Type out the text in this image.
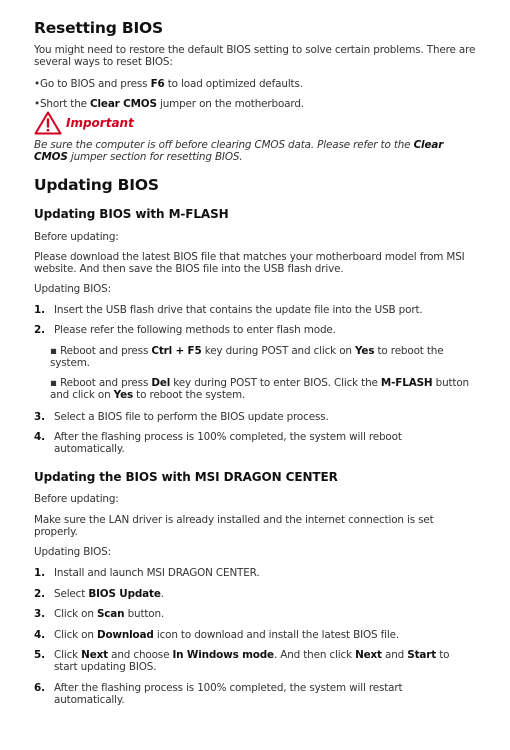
Resetting BIOS

You might need to restore the default BIOS setting to solve certain problems. There are several ways to reset BIOS:

•Go to BIOS and press F6 to load optimized defaults.

•Short the Clear CMOS jumper on the motherboard.

Important

Be sure the computer is off before clearing CMOS data. Please refer to the Clear CMOS jumper section for resetting BIOS.

Updating BIOS
Updating BIOS with M-FLASH

Before updating:

Please download the latest BIOS file that matches your motherboard model from MSI website. And then save the BIOS file into the USB flash drive.

Updating BIOS:

1. Insert the USB flash drive that contains the update file into the USB port.
2. Please refer the following methods to enter flash mode.

▪ Reboot and press Ctrl + F5 key during POST and click on Yes to reboot the system.

▪ Reboot and press Del key during POST to enter BIOS. Click the M-FLASH button and click on Yes to reboot the system.

3. Select a BIOS file to perform the BIOS update process.
4. After the flashing process is 100% completed, the system will reboot automatically.
Updating the BIOS with MSI DRAGON CENTER

Before updating:

Make sure the LAN driver is already installed and the internet connection is set properly.

Updating BIOS:

1. Install and launch MSI DRAGON CENTER.
2. Select BIOS Update.
3. Click on Scan button.
4. Click on Download icon to download and install the latest BIOS file.
5. Click Next and choose In Windows mode. And then click Next and Start to start updating BIOS.
6. After the flashing process is 100% completed, the system will restart automatically.
